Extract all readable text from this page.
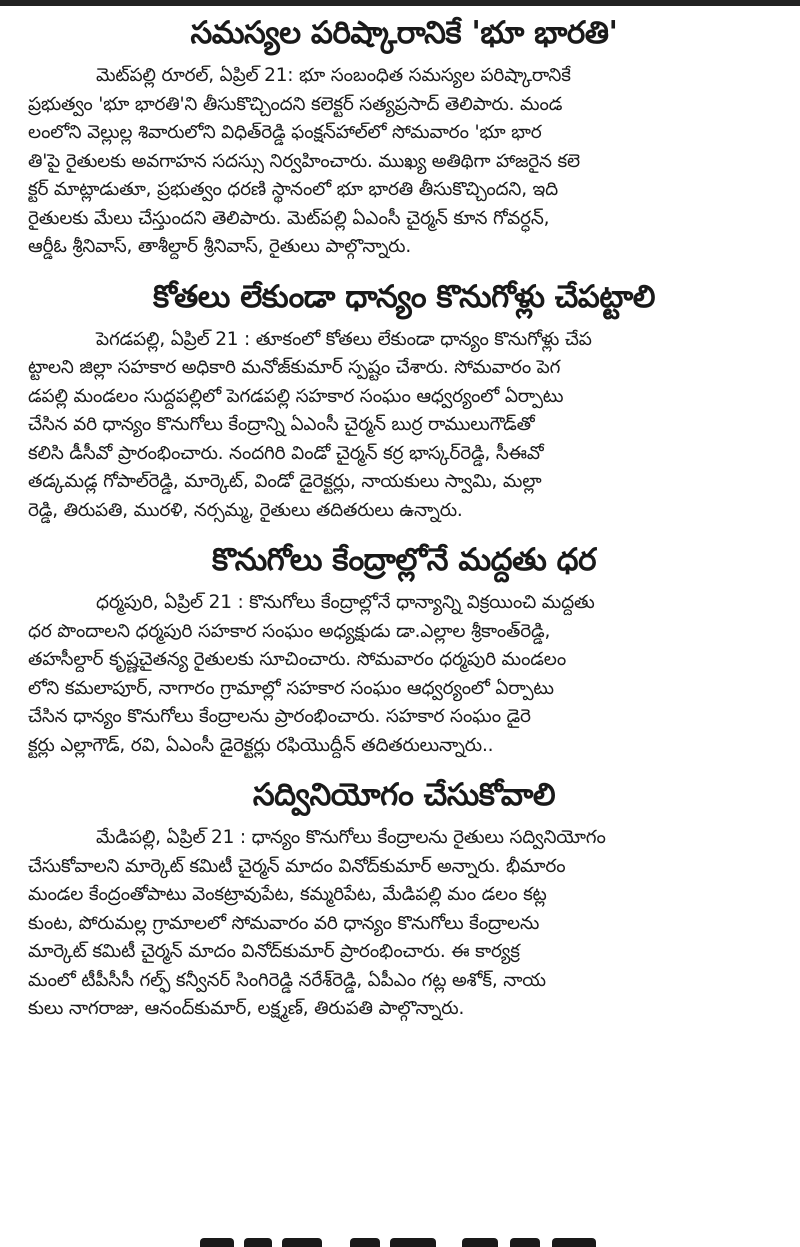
సమస్యల పరిష్కారానికే 'భూ భారతి'
మెట్‌పల్లి రూరల్‌, ఏప్రిల్‌ 21: భూ సంబంధిత సమస్యల పరిష్కారానికే
ప్రభుత్వం 'భూ భారతి'ని తీసుకొచ్చిందని కలెక్టర్‌ సత్యప్రసాద్‌ తెలిపారు. మండ
లంలోని వెల్లుల్ల శివారులోని విధిత్‌రెడ్డి ఫంక్షన్‌హాల్‌లో సోమవారం 'భూ భార
తి'పై రైతులకు అవగాహన సదస్సు నిర్వహించారు. ముఖ్య అతిథిగా హాజరైన కలె
క్టర్‌ మాట్లాడుతూ, ప్రభుత్వం ధరణి స్థానంలో భూ భారతి తీసుకొచ్చిందని, ఇది
రైతులకు మేలు చేస్తుందని తెలిపారు. మెట్‌పల్లి ఏఎంసీ చైర్మన్‌ కూన గోవర్ధన్‌,
ఆర్డీఓ శ్రీనివాస్‌, తాశీల్దార్‌ శ్రీనివాస్‌, రైతులు పాల్గొన్నారు.
కోతలు లేకుండా ధాన్యం కొనుగోళ్లు చేపట్టాలి
పెగడపల్లి, ఏప్రిల్‌ 21 : తూకంలో కోతలు లేకుండా ధాన్యం కొనుగోళ్లు చేప
ట్టాలని జిల్లా సహకార అధికారి మనోజ్‌కుమార్‌ స్పష్టం చేశారు. సోమవారం పెగ
డపల్లి మండలం సుద్దపల్లిలో పెగడపల్లి సహకార సంఘం ఆధ్వర్యంలో ఏర్పాటు
చేసిన వరి ధాన్యం కొనుగోలు కేంద్రాన్ని ఏఎంసీ చైర్మన్‌ బుర్ర రాములుగౌడ్‌తో
కలిసి డీసీవో ప్రారంభించారు. నందగిరి విండో చైర్మన్‌ కర్ర భాస్కర్‌రెడ్డి, సీఈవో
తడ్కమడ్ల గోపాల్‌రెడ్డి, మార్కెట్‌, విండో డైరెక్టర్లు, నాయకులు స్వామి, మల్లా
రెడ్డి, తిరుపతి, మురళి, నర్సమ్మ, రైతులు తదితరులు ఉన్నారు.
కొనుగోలు కేంద్రాల్లోనే మద్దతు ధర
ధర్మపురి, ఏప్రిల్‌ 21 : కొనుగోలు కేంద్రాల్లోనే ధాన్యాన్ని విక్రయించి మద్దతు
ధర పొందాలని ధర్మపురి సహకార సంఘం అధ్యక్షుడు డా.ఎల్లాల శ్రీకాంత్‌రెడ్డి,
తహసీల్దార్‌ కృష్ణచైతన్య రైతులకు సూచించారు. సోమవారం ధర్మపురి మండలం
లోని కమలాపూర్‌, నాగారం గ్రామాల్లో సహకార సంఘం ఆధ్వర్యంలో ఏర్పాటు
చేసిన ధాన్యం కొనుగోలు కేంద్రాలను ప్రారంభించారు. సహకార సంఘం డైరె
క్టర్లు ఎల్లాగౌడ్‌, రవి, ఏఎంసీ డైరెక్టర్లు రఫియొద్దీన్‌ తదితరులున్నారు..
సద్వినియోగం చేసుకోవాలి
మేడిపల్లి, ఏప్రిల్‌ 21 : ధాన్యం కొనుగోలు కేంద్రాలను రైతులు సద్వినియోగం
చేసుకోవాలని మార్కెట్‌ కమిటీ చైర్మన్‌ మాదం వినోద్‌కుమార్‌ అన్నారు. భీమారం
మండల కేంద్రంతోపాటు వెంకట్రావుపేట, కమ్మరిపేట, మేడిపల్లి మం డలం కట్ల
కుంట, పోరుమల్ల గ్రామాలలో సోమవారం వరి ధాన్యం కొనుగోలు కేంద్రాలను
మార్కెట్‌ కమిటీ చైర్మన్‌ మాదం వినోద్‌కుమార్‌ ప్రారంభించారు. ఈ కార్యక్ర
మంలో టీపీసీసీ గల్ఫ్‌ కన్వీనర్‌ సింగిరెడ్డి నరేశ్‌రెడ్డి, ఏపీఎం గట్ల అశోక్‌, నాయ
కులు నాగరాజు, ఆనంద్‌కుమార్‌, లక్ష్మణ్‌, తిరుపతి పాల్గొన్నారు.
